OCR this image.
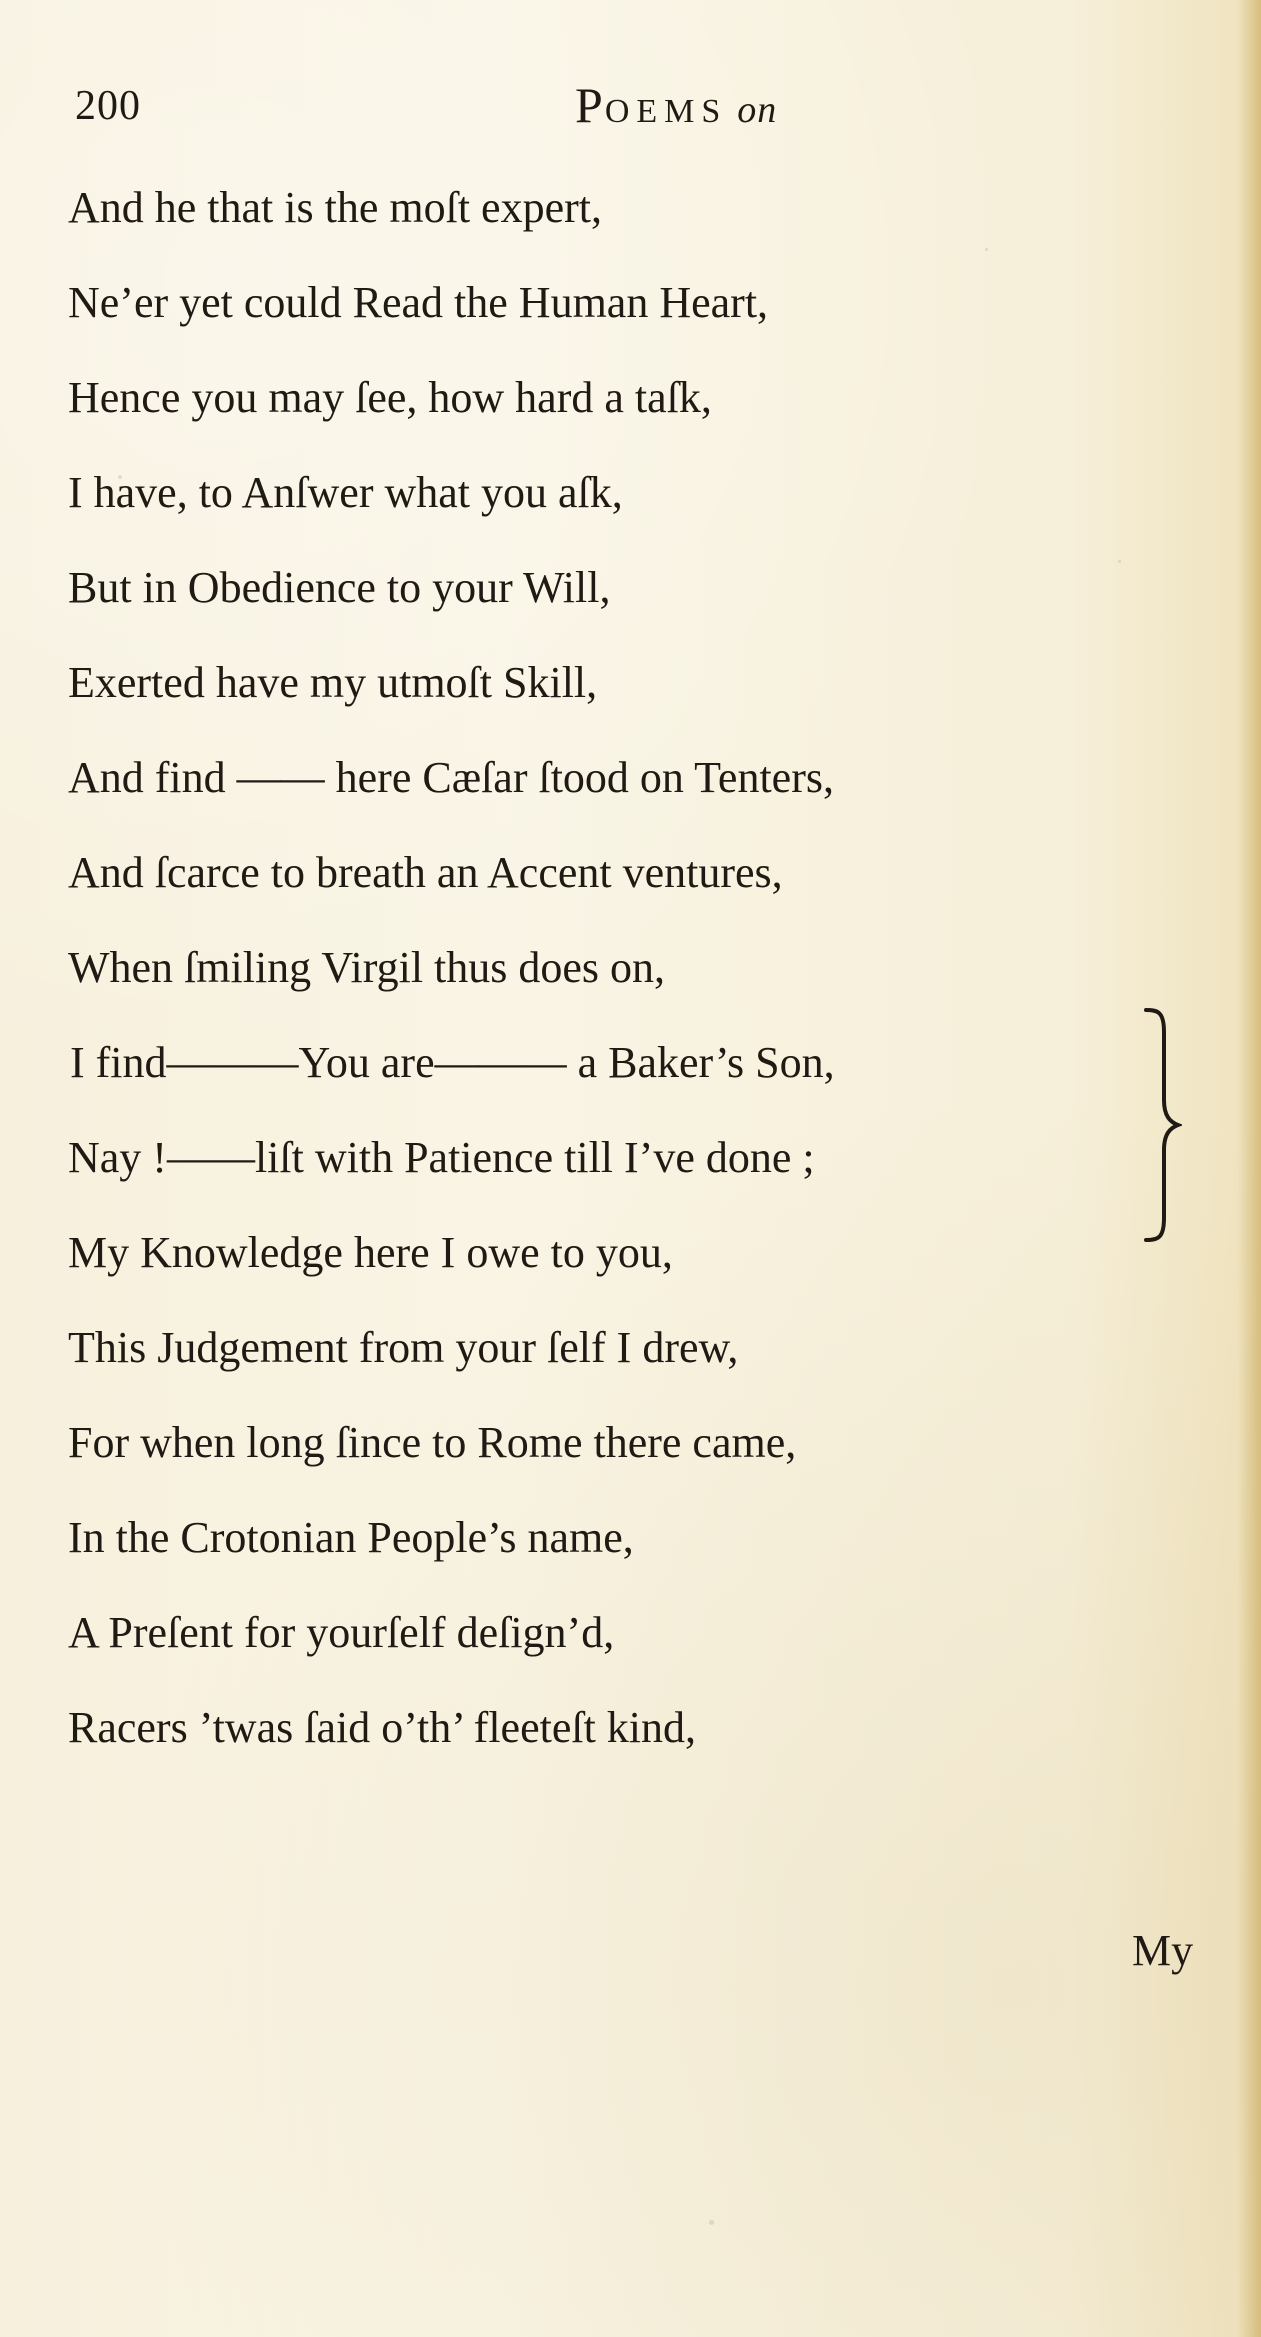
200	POEMS on
And he that is the moſt expert,
Ne’er yet could Read the Human Heart,
Hence you may ſee, how hard a taſk,
I have, to Anſwer what you aſk,
But in Obedience to your Will,
Exerted have my utmoſt Skill,
And find —— here Cæſar ſtood on Tenters,
And ſcarce to breath an Accent ventures,
When ſmiling Virgil thus does on,
I find———You are——— a Baker’s Son,
Nay !——liſt with Patience till I’ve done ;
My Knowledge here I owe to you,
This Judgement from your ſelf I drew,
For when long ſince to Rome there came,
In the Crotonian People’s name,
A Preſent for yourſelf deſign’d,
Racers ’twas ſaid o’th’ fleeteſt kind,
My
